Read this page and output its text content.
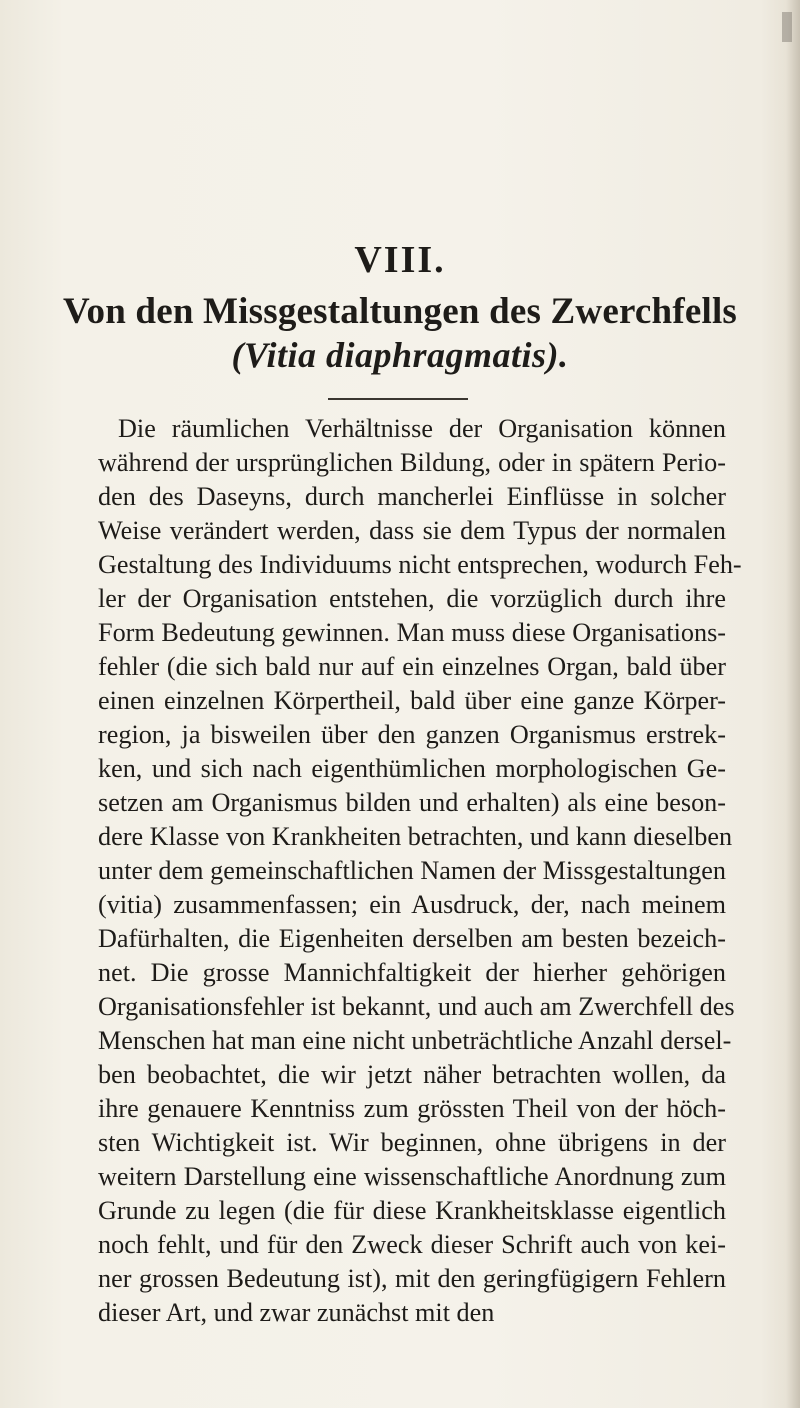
VIII.
Von den Missgestaltungen des Zwerchfells
(Vitia diaphragmatis).
Die räumlichen Verhältnisse der Organisation können
während der ursprünglichen Bildung, oder in spätern Perio-
den des Daseyns, durch mancherlei Einflüsse in solcher
Weise verändert werden, dass sie dem Typus der normalen
Gestaltung des Individuums nicht entsprechen, wodurch Feh-
ler der Organisation entstehen, die vorzüglich durch ihre
Form Bedeutung gewinnen. Man muss diese Organisations-
fehler (die sich bald nur auf ein einzelnes Organ, bald über
einen einzelnen Körpertheil, bald über eine ganze Körper-
region, ja bisweilen über den ganzen Organismus erstrek-
ken, und sich nach eigenthümlichen morphologischen Ge-
setzen am Organismus bilden und erhalten) als eine beson-
dere Klasse von Krankheiten betrachten, und kann dieselben
unter dem gemeinschaftlichen Namen der Missgestaltungen
(vitia) zusammenfassen; ein Ausdruck, der, nach meinem
Dafürhalten, die Eigenheiten derselben am besten bezeich-
net. Die grosse Mannichfaltigkeit der hierher gehörigen
Organisationsfehler ist bekannt, und auch am Zwerchfell des
Menschen hat man eine nicht unbeträchtliche Anzahl dersel-
ben beobachtet, die wir jetzt näher betrachten wollen, da
ihre genauere Kenntniss zum grössten Theil von der höch-
sten Wichtigkeit ist. Wir beginnen, ohne übrigens in der
weitern Darstellung eine wissenschaftliche Anordnung zum
Grunde zu legen (die für diese Krankheitsklasse eigentlich
noch fehlt, und für den Zweck dieser Schrift auch von kei-
ner grossen Bedeutung ist), mit den geringfügigern Fehlern
dieser Art, und zwar zunächst mit den
